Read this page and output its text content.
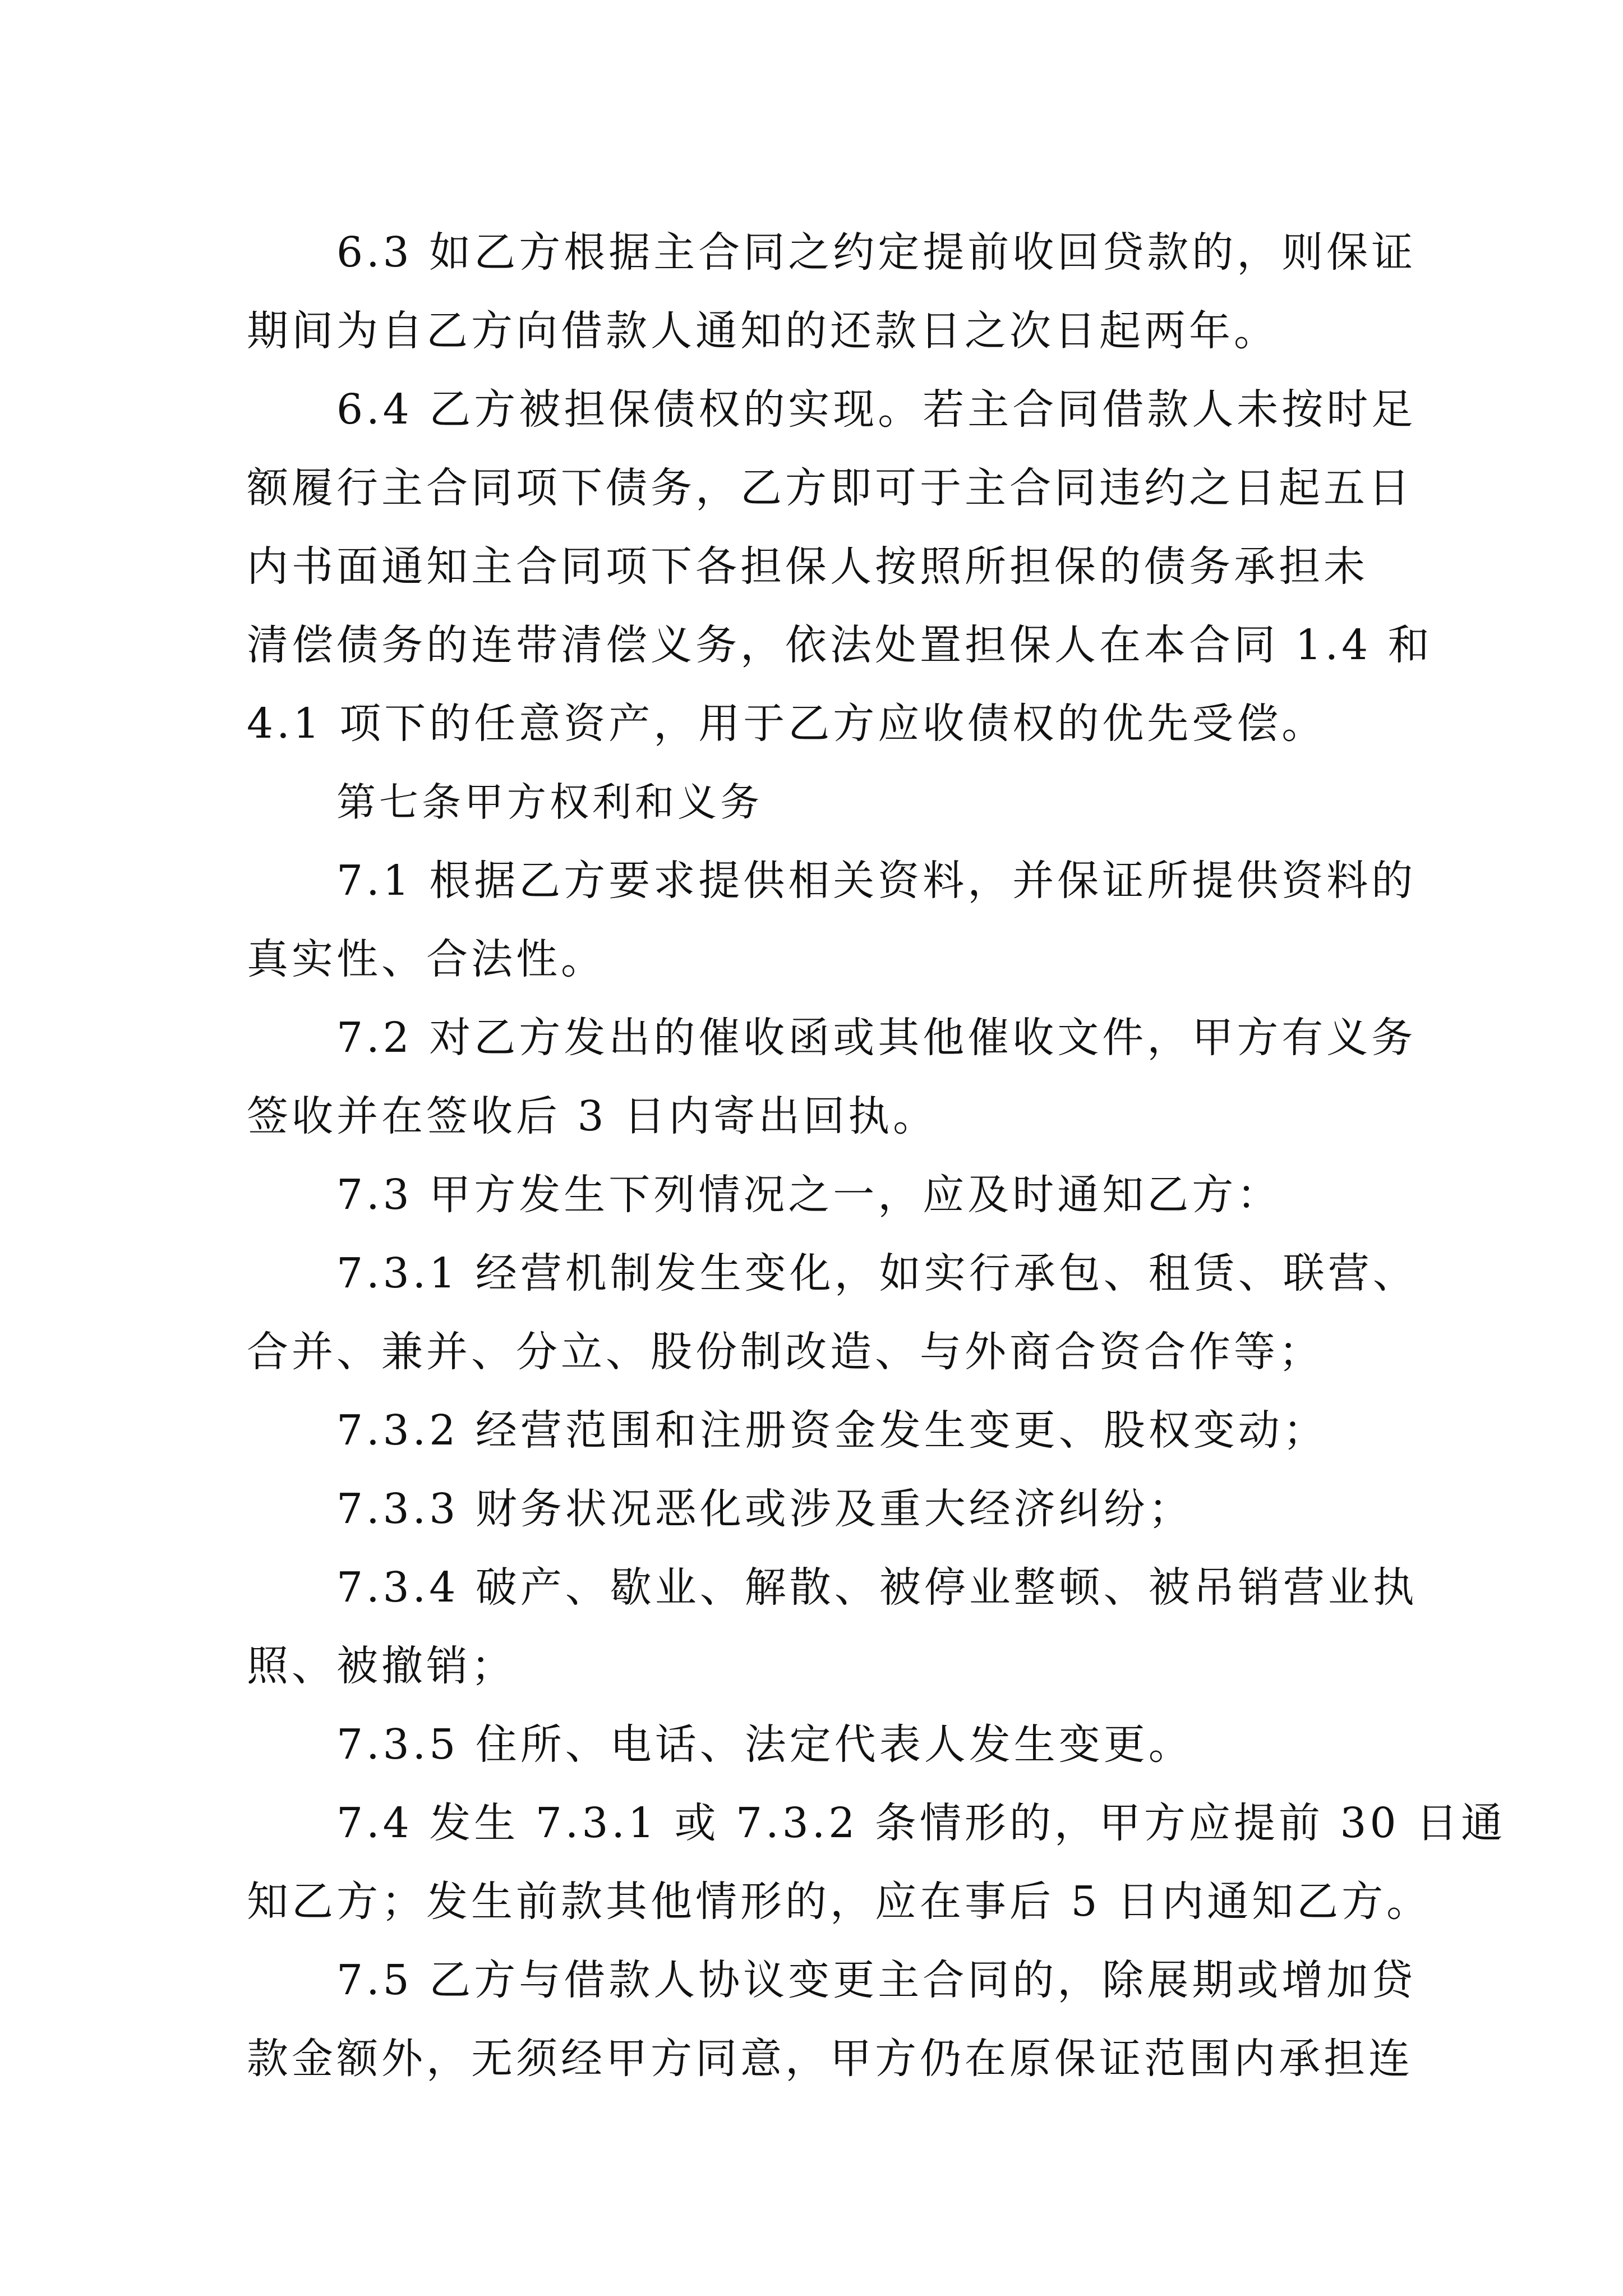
6.3 如乙方根据主合同之约定提前收回贷款的，则保证
期间为自乙方向借款人通知的还款日之次日起两年。
6.4 乙方被担保债权的实现。若主合同借款人未按时足
额履行主合同项下债务，乙方即可于主合同违约之日起五日
内书面通知主合同项下各担保人按照所担保的债务承担未
清偿债务的连带清偿义务，依法处置担保人在本合同 1.4 和
4.1 项下的任意资产，用于乙方应收债权的优先受偿。
第七条甲方权利和义务
7.1 根据乙方要求提供相关资料，并保证所提供资料的
真实性、合法性。
7.2 对乙方发出的催收函或其他催收文件，甲方有义务
签收并在签收后 3 日内寄出回执。
7.3 甲方发生下列情况之一，应及时通知乙方：
7.3.1 经营机制发生变化，如实行承包、租赁、联营、
合并、兼并、分立、股份制改造、与外商合资合作等；
7.3.2 经营范围和注册资金发生变更、股权变动；
7.3.3 财务状况恶化或涉及重大经济纠纷；
7.3.4 破产、歇业、解散、被停业整顿、被吊销营业执
照、被撤销；
7.3.5 住所、电话、法定代表人发生变更。
7.4 发生 7.3.1 或 7.3.2 条情形的，甲方应提前 30 日通
知乙方；发生前款其他情形的，应在事后 5 日内通知乙方。
7.5 乙方与借款人协议变更主合同的，除展期或增加贷
款金额外，无须经甲方同意，甲方仍在原保证范围内承担连
